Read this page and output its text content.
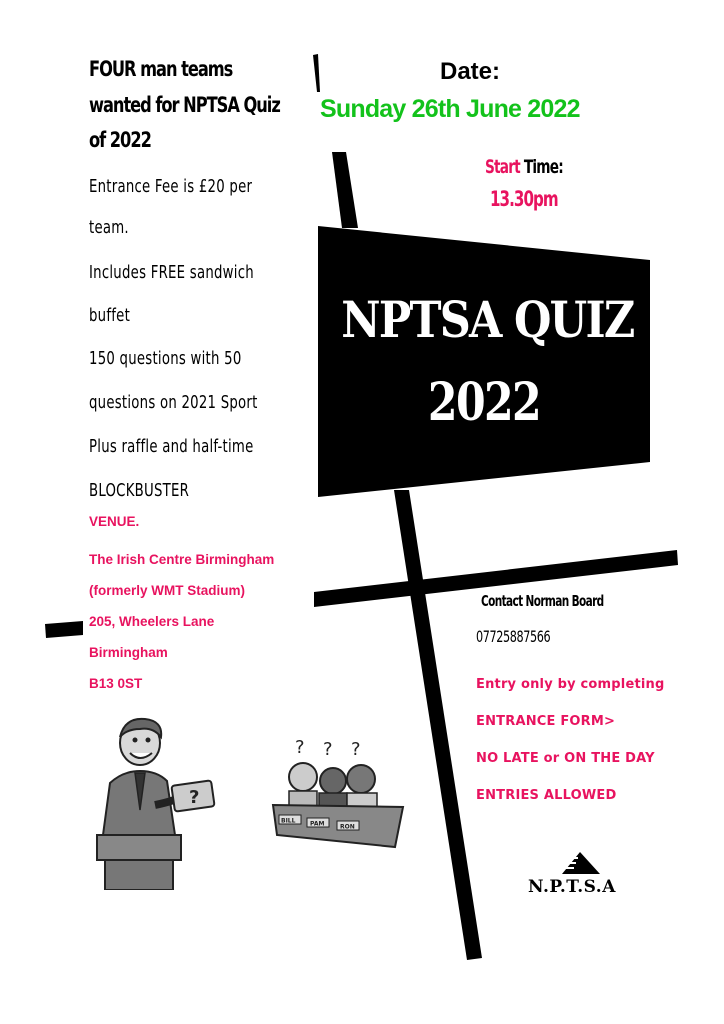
FOUR man teams
wanted for NPTSA Quiz
of 2022
Entrance Fee is £20 per
team.
Includes FREE sandwich
buffet
150 questions with 50
questions on 2021 Sport
Plus raffle and half-time
BLOCKBUSTER
VENUE.
The Irish Centre Birmingham
(formerly WMT Stadium)
205, Wheelers Lane
Birmingham
B13 0ST
Date:
Sunday 26th June 2022
Start Time:
13.30pm
NPTSA QUIZ
2022
Contact Norman Board
07725887566
Entry only by completing
ENTRANCE FORM>
NO LATE or ON THE DAY
ENTRIES ALLOWED
?
? ? ?
BILL PAM	RON
N.P.T.S.A
